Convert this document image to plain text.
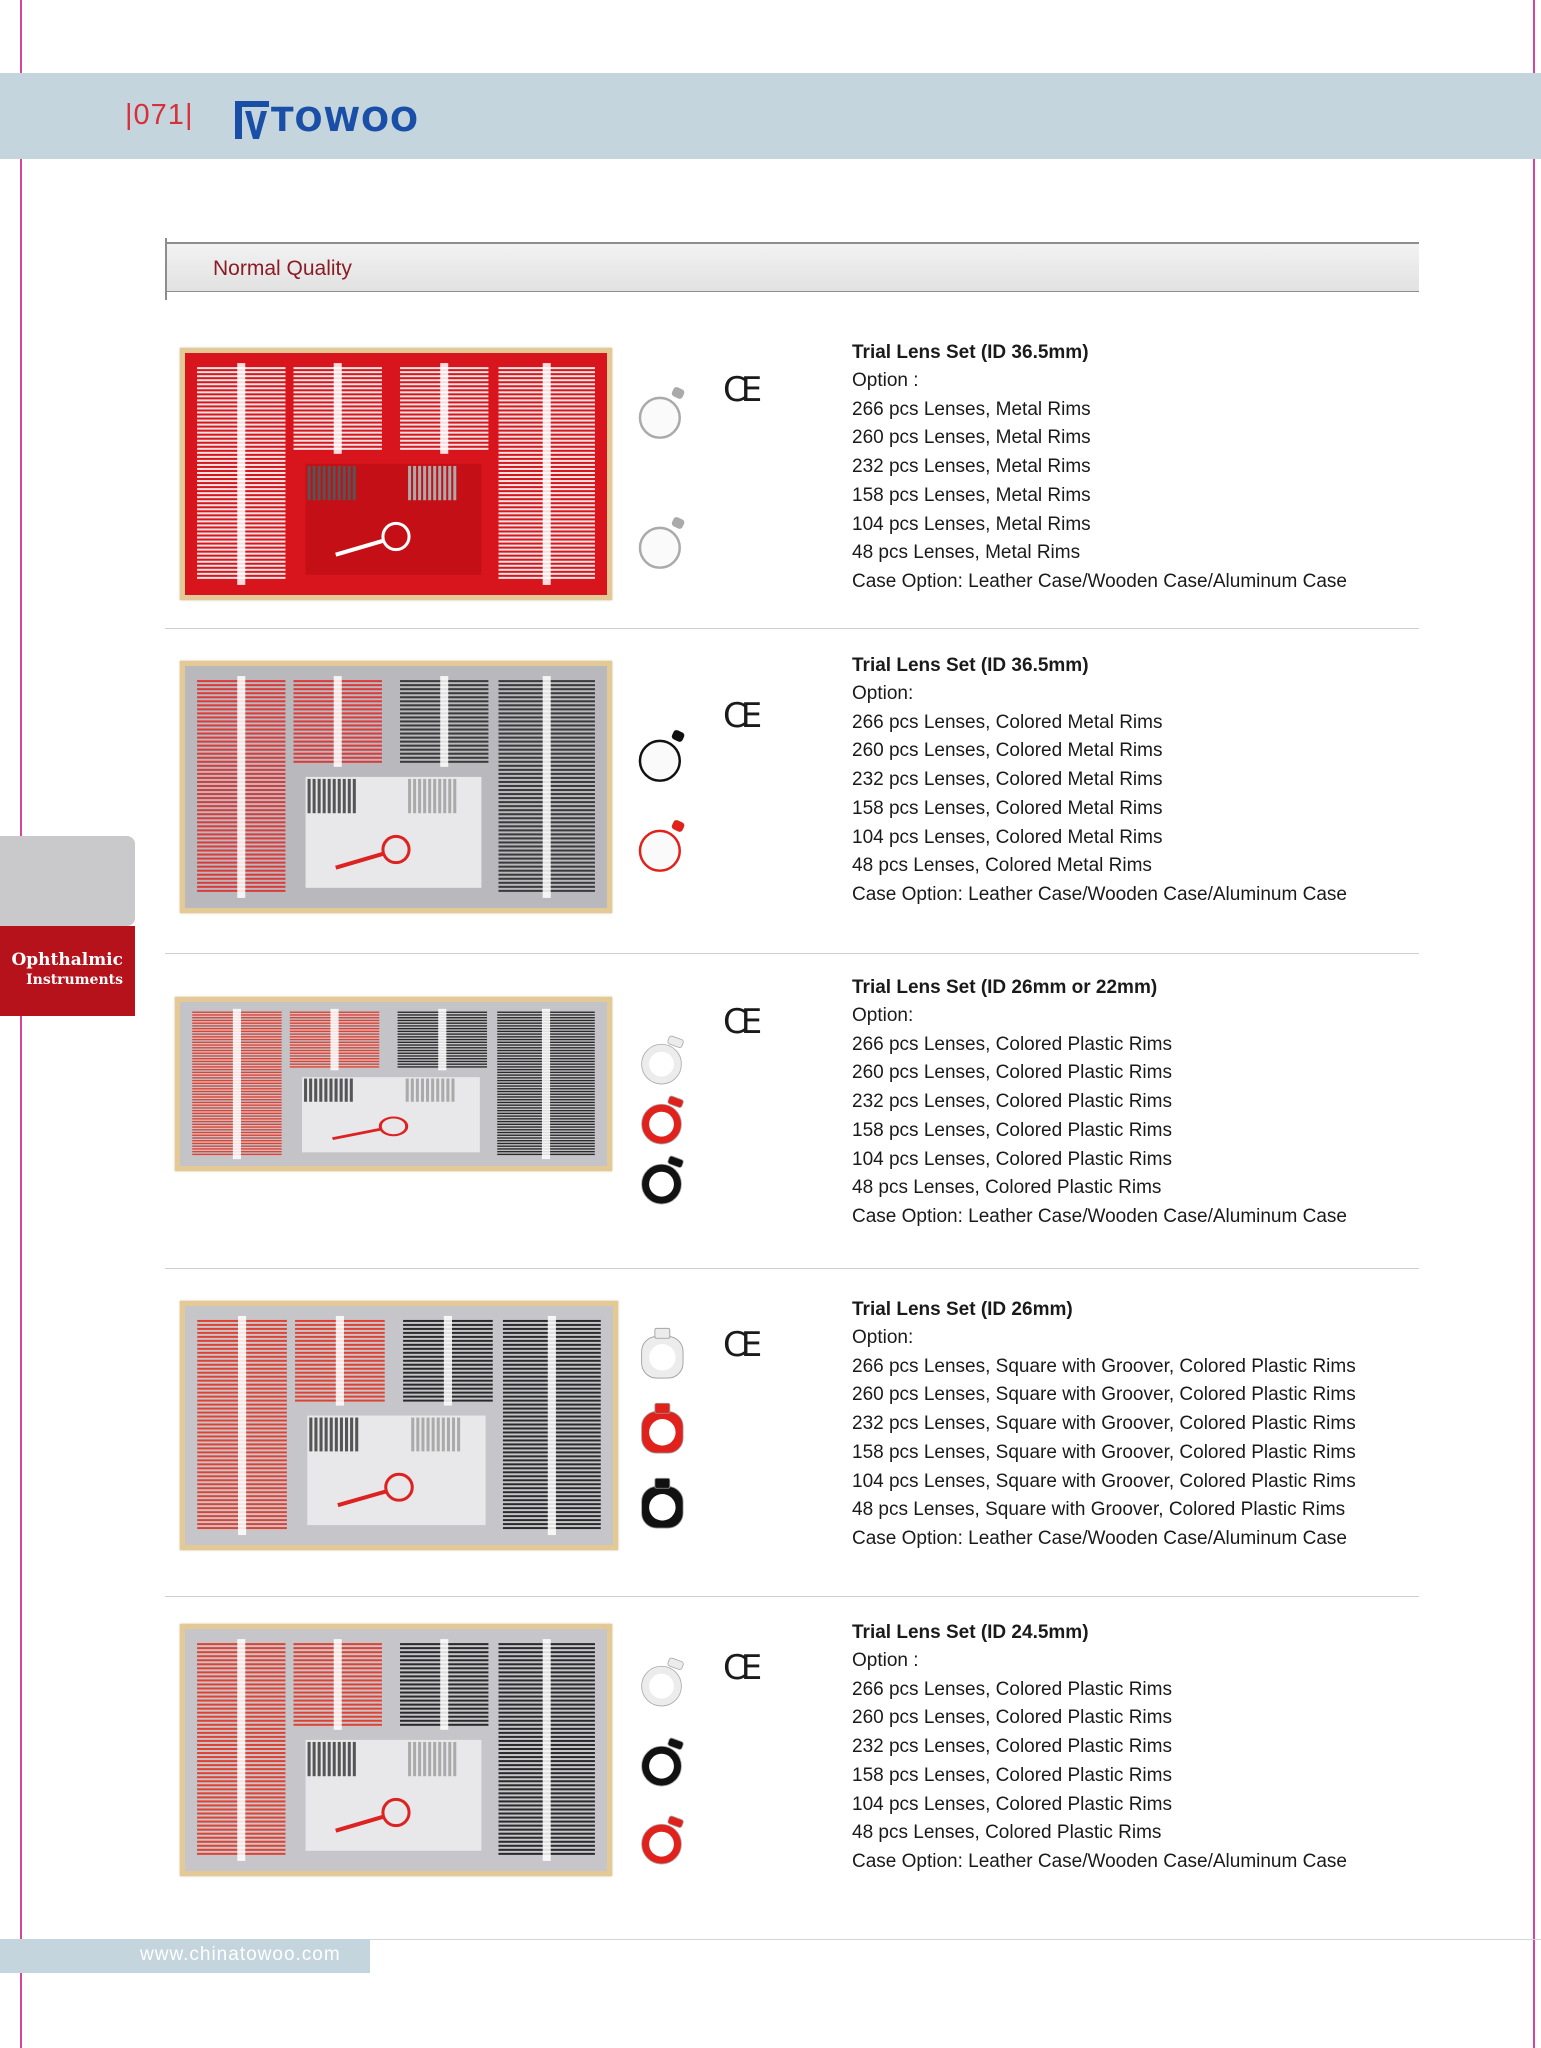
|071| TOWOO
Normal Quality
Ophthalmic
Instruments
CE
Trial Lens Set (ID 36.5mm)
Option :
266 pcs Lenses, Metal Rims
260 pcs Lenses, Metal Rims
232 pcs Lenses, Metal Rims
158 pcs Lenses, Metal Rims
104 pcs Lenses, Metal Rims
48 pcs Lenses, Metal Rims
Case Option: Leather Case/Wooden Case/Aluminum Case
CE
Trial Lens Set (ID 36.5mm)
Option:
266 pcs Lenses, Colored Metal Rims
260 pcs Lenses, Colored Metal Rims
232 pcs Lenses, Colored Metal Rims
158 pcs Lenses, Colored Metal Rims
104 pcs Lenses, Colored Metal Rims
48 pcs Lenses, Colored Metal Rims
Case Option: Leather Case/Wooden Case/Aluminum Case
CE
Trial Lens Set (ID 26mm or 22mm)
Option:
266 pcs Lenses, Colored Plastic Rims
260 pcs Lenses, Colored Plastic Rims
232 pcs Lenses, Colored Plastic Rims
158 pcs Lenses, Colored Plastic Rims
104 pcs Lenses, Colored Plastic Rims
48 pcs Lenses, Colored Plastic Rims
Case Option: Leather Case/Wooden Case/Aluminum Case
CE
Trial Lens Set (ID 26mm)
Option:
266 pcs Lenses, Square with Groover, Colored Plastic Rims
260 pcs Lenses, Square with Groover, Colored Plastic Rims
232 pcs Lenses, Square with Groover, Colored Plastic Rims
158 pcs Lenses, Square with Groover, Colored Plastic Rims
104 pcs Lenses, Square with Groover, Colored Plastic Rims
48 pcs Lenses, Square with Groover, Colored Plastic Rims
Case Option: Leather Case/Wooden Case/Aluminum Case
CE
Trial Lens Set (ID 24.5mm)
Option :
266 pcs Lenses, Colored Plastic Rims
260 pcs Lenses, Colored Plastic Rims
232 pcs Lenses, Colored Plastic Rims
158 pcs Lenses, Colored Plastic Rims
104 pcs Lenses, Colored Plastic Rims
48 pcs Lenses, Colored Plastic Rims
Case Option: Leather Case/Wooden Case/Aluminum Case
www.chinatowoo.com
